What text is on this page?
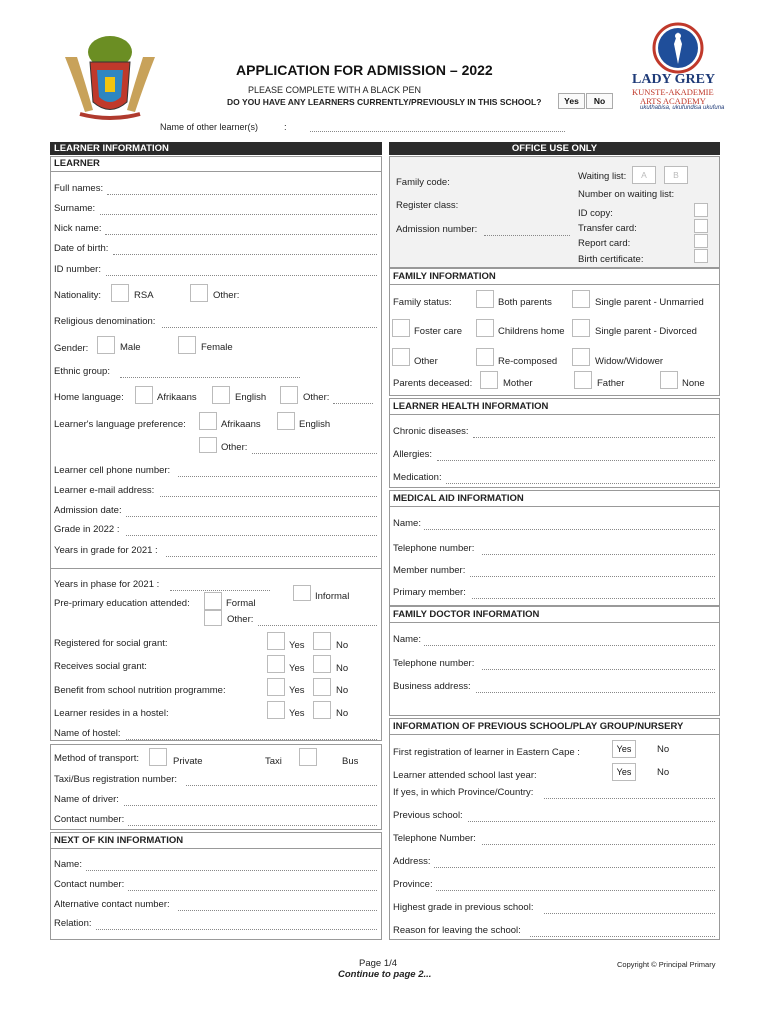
APPLICATION FOR ADMISSION – 2022
PLEASE COMPLETE WITH A BLACK PEN
DO YOU HAVE ANY LEARNERS CURRENTLY/PREVIOUSLY IN THIS SCHOOL?	Yes	No
Name of other learner(s)	:
LADY GREY
KUNSTE-AKADEMIE
ARTS ACADEMY
ukuthabisa, ukufundisa ukufuna
LEARNER INFORMATION
LEARNER
Full names:
Surname:
Nick name:
Date of birth:
ID number:
Nationality:	RSA	Other:
Religious denomination:
Gender:	Male	Female
Ethnic group:
Home language:	Afrikaans	English	Other:
Learner's language preference:	Afrikaans	English
Other:
Learner cell phone number:
Learner e-mail address:
Admission date:
Grade in 2022 :
Years in grade for 2021 :
Years in phase for 2021 :
Informal
Pre-primary education attended:	Formal
Other:
Registered for social grant:	Yes	No
Receives social grant:	Yes	No
Benefit from school nutrition programme:	Yes	No
Learner resides in a hostel:	Yes	No
Name of hostel:
Method of transport:	Private	Taxi	Bus
Taxi/Bus registration number:
Name of driver:
Contact number:
NEXT OF KIN INFORMATION
Name:
Contact number:
Alternative contact number:
Relation:
OFFICE USE ONLY
Family code:
Register class:
Admission number:
Waiting list:	A	B
Number on waiting list:
ID copy:
Transfer card:
Report card:
Birth certificate:
FAMILY INFORMATION
Family status:	Both parents	Single parent - Unmarried
Foster care	Childrens home	Single parent - Divorced
Other	Re-composed	Widow/Widower
Parents deceased:	Mother	Father	None
LEARNER HEALTH INFORMATION
Chronic diseases:
Allergies:
Medication:
MEDICAL AID INFORMATION
Name:
Telephone number:
Member number:
Primary member:
FAMILY DOCTOR INFORMATION
Name:
Telephone number:
Business address:
INFORMATION OF PREVIOUS SCHOOL/PLAY GROUP/NURSERY
First registration of learner in Eastern Cape :	Yes	No
Learner attended school last year:	Yes	No
If yes, in which Province/Country:
Previous school:
Telephone Number:
Address:
Province:
Highest grade in previous school:
Reason for leaving the school:
Page 1/4
Continue to page 2...
Copyright © Principal Primary
